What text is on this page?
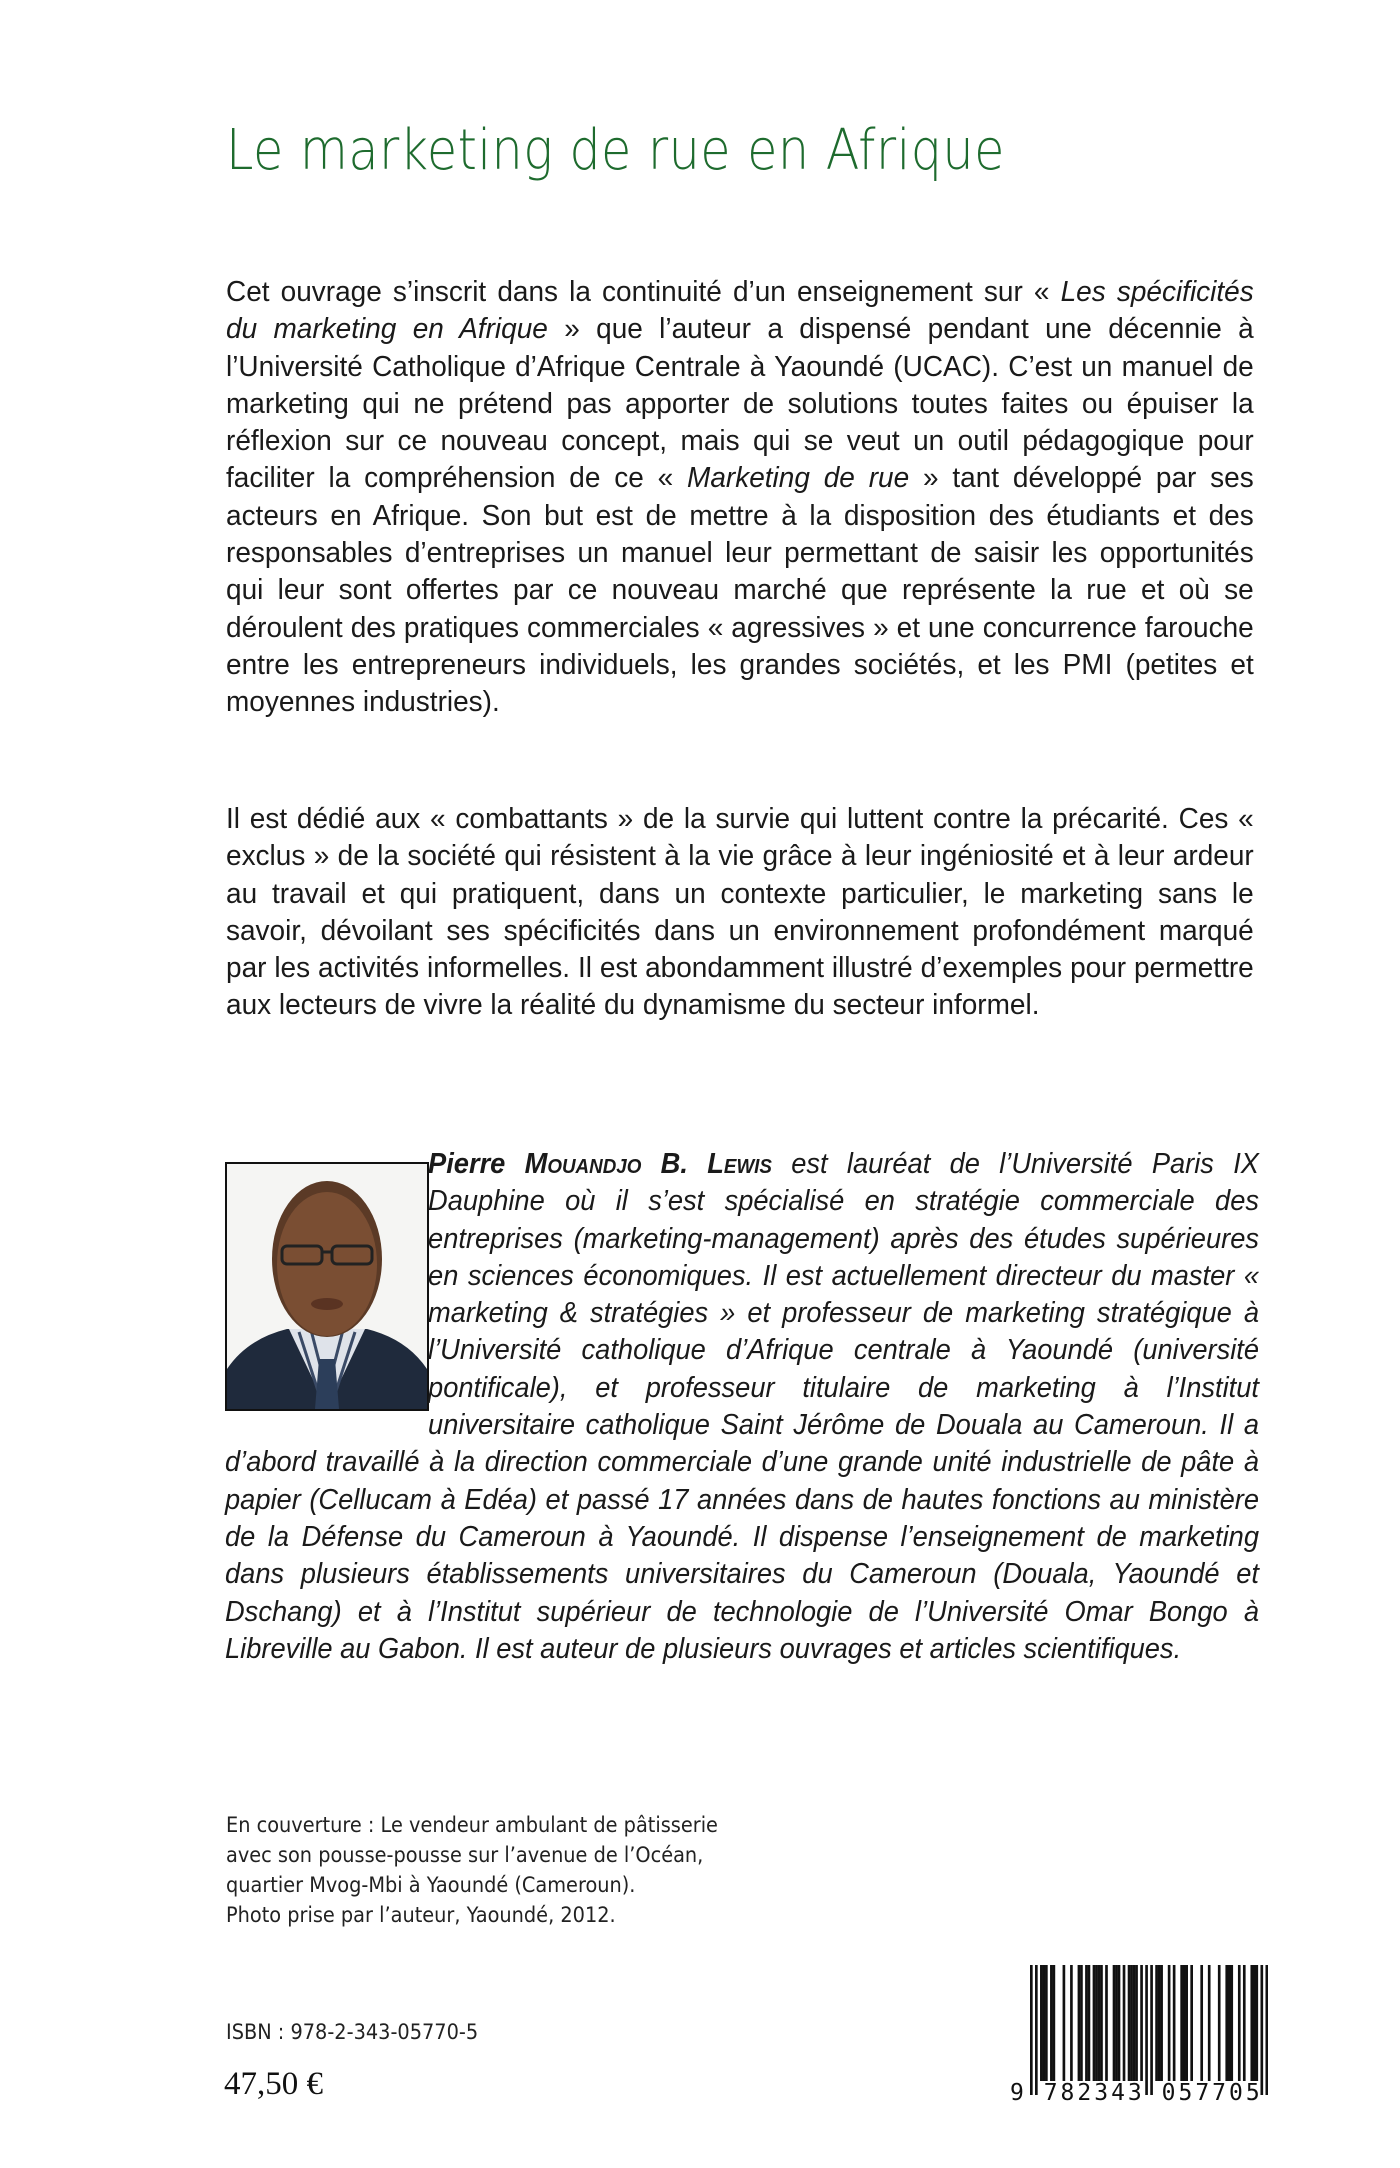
Le marketing de rue en Afrique

Cet ouvrage s’inscrit dans la continuité d’un enseignement sur « Les spécificités du marketing en Afrique » que l’auteur a dispensé pendant une décennie à l’Université Catholique d’Afrique Centrale à Yaoundé (UCAC). C’est un manuel de marketing qui ne prétend pas apporter de solutions toutes faites ou épuiser la réflexion sur ce nouveau concept, mais qui se veut un outil pédagogique pour faciliter la compréhension de ce « Marketing de rue » tant développé par ses acteurs en Afrique. Son but est de mettre à la disposition des étudiants et des responsables d’entreprises un manuel leur permettant de saisir les opportunités qui leur sont offertes par ce nouveau marché que représente la rue et où se déroulent des pratiques commerciales « agressives » et une concurrence farouche entre les entrepreneurs individuels, les grandes sociétés, et les PMI (petites et moyennes industries).

Il est dédié aux « combattants » de la survie qui luttent contre la précarité. Ces « exclus » de la société qui résistent à la vie grâce à leur ingéniosité et à leur ardeur au travail et qui pratiquent, dans un contexte particulier, le marketing sans le savoir, dévoilant ses spécificités dans un environnement profondément marqué par les activités informelles. Il est abondamment illustré d’exemples pour permettre aux lecteurs de vivre la réalité du dynamisme du secteur informel.

Pierre Mouandjo B. Lewis est lauréat de l’Université Paris IX Dauphine où il s’est spécialisé en stratégie commerciale des entreprises (marketing-management) après des études supérieures en sciences économiques. Il est actuellement directeur du master « marketing & stratégies » et professeur de marketing stratégique à l’Université catholique d’Afrique centrale à Yaoundé (université pontificale), et professeur titulaire de marketing à l’Institut universitaire catholique Saint Jérôme de Douala au Cameroun. Il a d’abord travaillé à la direction commerciale d’une grande unité industrielle de pâte à papier (Cellucam à Edéa) et passé 17 années dans de hautes fonctions au ministère de la Défense du Cameroun à Yaoundé. Il dispense l’enseignement de marketing dans plusieurs établissements universitaires du Cameroun (Douala, Yaoundé et Dschang) et à l’Institut supérieur de technologie de l’Université Omar Bongo à Libreville au Gabon. Il est auteur de plusieurs ouvrages et articles scientifiques.

En couverture : Le vendeur ambulant de pâtisserie
avec son pousse-pousse sur l’avenue de l’Océan,
quartier Mvog-Mbi à Yaoundé (Cameroun).
Photo prise par l’auteur, Yaoundé, 2012.
ISBN : 978-2-343-05770-5
47,50 €	9 782343 057705
